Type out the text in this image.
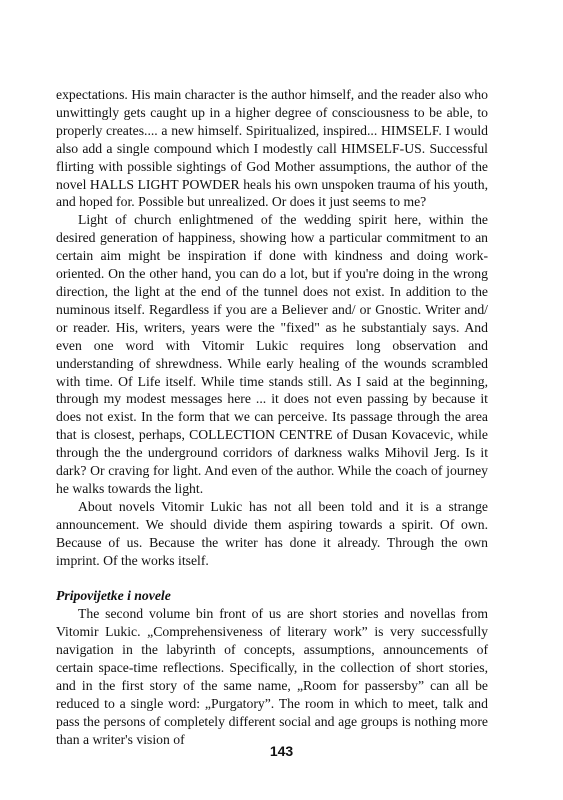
expectations. His main character is the author himself, and the reader also who unwittingly gets caught up in a higher degree of consciousness to be able, to properly creates.... a new himself. Spiritualized, inspired... HIMSELF. I would also add a single compound which I modestly call HIMSELF-US. Successful flirting with possible sightings of God Mother assumptions, the author of the novel HALLS LIGHT POWDER heals his own unspoken trauma of his youth, and hoped for. Possible but unrealized. Or does it just seems to me?

Light of church enlightmened of the wedding spirit here, within the desired generation of happiness, showing how a particular commitment to an certain aim might be inspiration if done with kindness and doing work-oriented. On the other hand, you can do a lot, but if you're doing in the wrong direction, the light at the end of the tunnel does not exist. In addition to the numinous itself. Regardless if you are a Believer and/ or Gnostic. Writer and/ or reader. His, writers, years were the "fixed" as he substantialy says. And even one word with Vitomir Lukic requires long observation and understanding of shrewdness. While early healing of the wounds scrambled with time. Of Life itself. While time stands still. As I said at the beginning, through my modest messages here ... it does not even passing by because it does not exist. In the form that we can perceive. Its passage through the area that is closest, perhaps, COLLECTION CENTRE of Dusan Kovacevic, while through the the underground corridors of darkness walks Mihovil Jerg. Is it dark? Or craving for light. And even of the author. While the coach of journey he walks towards the light.

About novels Vitomir Lukic has not all been told and it is a strange announcement. We should divide them aspiring towards a spirit. Of own. Because of us. Because the writer has done it already. Through the own imprint. Of the works itself.

Pripovijetke i novele

The second volume bin front of us are short stories and novellas from Vitomir Lukic. „Comprehensiveness of literary work” is very successfully navigation in the labyrinth of concepts, assumptions, announcements of certain space-time reflections. Specifically, in the collection of short stories, and in the first story of the same name, „Room for passersby” can all be reduced to a single word: „Purgatory”. The room in which to meet, talk and pass the persons of completely different social and age groups is nothing more than a writer's vision of

143
